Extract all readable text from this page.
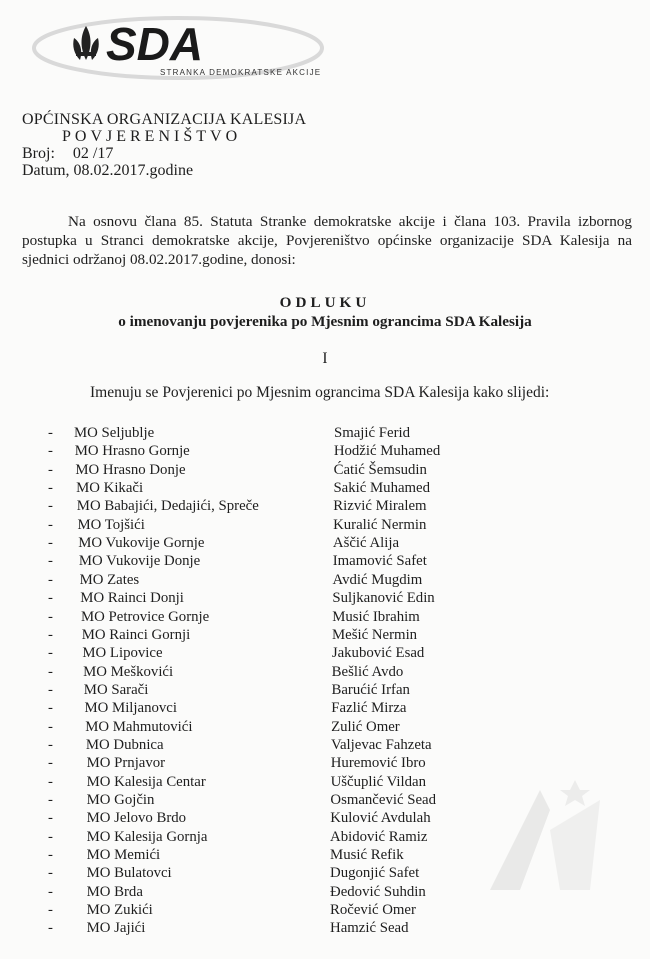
SDA
STRANKA DEMOKRATSKE AKCIJE
OPĆINSKA ORGANIZACIJA KALESIJA
POVJERENIŠTVO
Broj: 02 /17
Datum, 08.02.2017.godine

Na osnovu člana 85. Statuta Stranke demokratske akcije i člana 103. Pravila izbornog postupka u Stranci demokratske akcije, Povjereništvo općinske organizacije SDA Kalesija na sjednici održanoj 08.02.2017.godine, donosi:

ODLUKU
o imenovanju povjerenika po Mjesnim ograncima SDA Kalesija
I
Imenuju se Povjerenici po Mjesnim ograncima SDA Kalesija kako slijedi:
- MO Seljublje	Smajić Ferid
- MO Hrasno Gornje	Hodžić Muhamed
- MO Hrasno Donje	Ćatić Šemsudin
- MO Kikači	Sakić Muhamed
- MO Babajići, Dedajići, Spreče	Rizvić Miralem
- MO Tojšići	Kuralić Nermin
- MO Vukovije Gornje	Aščić Alija
- MO Vukovije Donje	Imamović Safet
- MO Zates	Avdić Mugdim
- MO Rainci Donji	Suljkanović Edin
- MO Petrovice Gornje	Musić Ibrahim
- MO Rainci Gornji	Mešić Nermin
- MO Lipovice	Jakubović Esad
- MO Meškovići	Bešlić Avdo
- MO Sarači	Barućić Irfan
- MO Miljanovci	Fazlić Mirza
- MO Mahmutovići	Zulić Omer
- MO Dubnica	Valjevac Fahzeta
- MO Prnjavor	Huremović Ibro
- MO Kalesija Centar	Uščuplić Vildan
- MO Gojčin	Osmančević Sead
- MO Jelovo Brdo	Kulović Avdulah
- MO Kalesija Gornja	Abidović Ramiz
- MO Memići	Musić Refik
- MO Bulatovci	Dugonjić Safet
- MO Brda	Đedović Suhdin
- MO Zukići	Ročević Omer
- MO Jajići	Hamzić Sead
